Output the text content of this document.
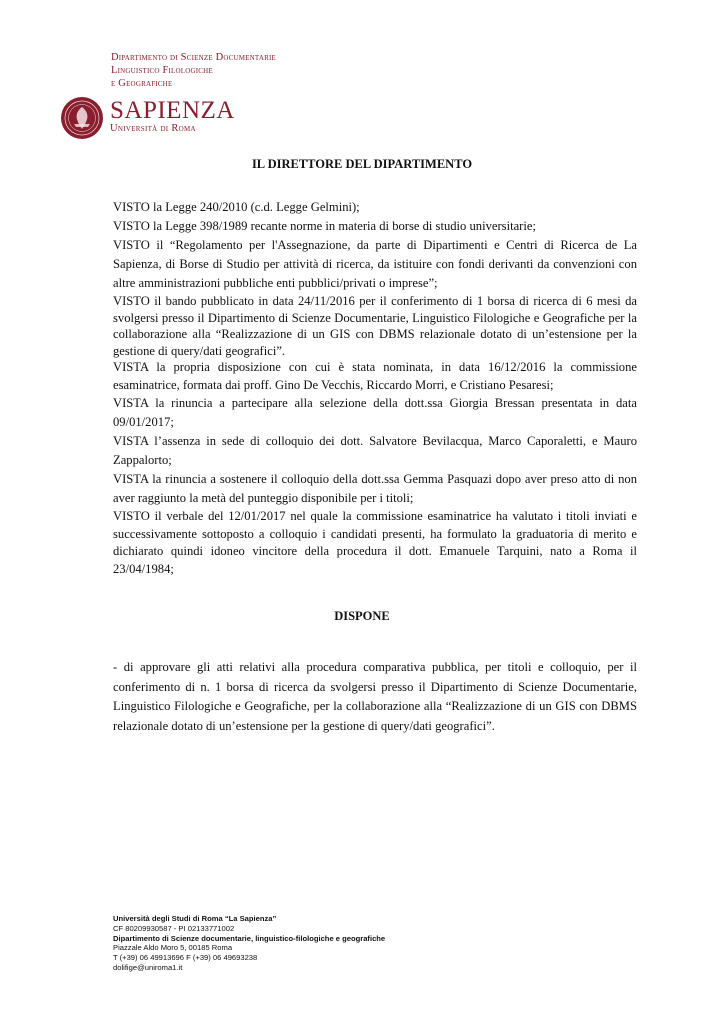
Dipartimento di Scienze Documentarie
Linguistico Filologiche
e Geografiche
SAPIENZA
Università di Roma
IL DIRETTORE DEL DIPARTIMENTO

VISTO la Legge 240/2010 (c.d. Legge Gelmini);

VISTO la Legge 398/1989 recante norme in materia di borse di studio universitarie;

VISTO il “Regolamento per l'Assegnazione, da parte di Dipartimenti e Centri di Ricerca de La Sapienza, di Borse di Studio per attività di ricerca, da istituire con fondi derivanti da convenzioni con altre amministrazioni pubbliche enti pubblici/privati o imprese”;

VISTO il bando pubblicato in data 24/11/2016 per il conferimento di 1 borsa di ricerca di 6 mesi da svolgersi presso il Dipartimento di Scienze Documentarie, Linguistico Filologiche e Geografiche per la collaborazione alla “Realizzazione di un GIS con DBMS relazionale dotato di un’estensione per la gestione di query/dati geografici”.

VISTA la propria disposizione con cui è stata nominata, in data 16/12/2016 la commissione esaminatrice, formata dai proff. Gino De Vecchis, Riccardo Morri, e Cristiano Pesaresi;

VISTA la rinuncia a partecipare alla selezione della dott.ssa Giorgia Bressan presentata in data 09/01/2017;

VISTA l’assenza in sede di colloquio dei dott. Salvatore Bevilacqua, Marco Caporaletti, e Mauro Zappalorto;

VISTA la rinuncia a sostenere il colloquio della dott.ssa Gemma Pasquazi dopo aver preso atto di non aver raggiunto la metà del punteggio disponibile per i titoli;

VISTO il verbale del 12/01/2017 nel quale la commissione esaminatrice ha valutato i titoli inviati e successivamente sottoposto a colloquio i candidati presenti, ha formulato la graduatoria di merito e dichiarato quindi idoneo vincitore della procedura il dott. Emanuele Tarquini, nato a Roma il 23/04/1984;

DISPONE
- di approvare gli atti relativi alla procedura comparativa pubblica, per titoli e colloquio, per il conferimento di n. 1 borsa di ricerca da svolgersi presso il Dipartimento di Scienze Documentarie, Linguistico Filologiche e Geografiche, per la collaborazione alla “Realizzazione di un GIS con DBMS relazionale dotato di un’estensione per la gestione di query/dati geografici”.
Università degli Studi di Roma “La Sapienza”
CF 80209930587 - PI 02133771002
Dipartimento di Scienze documentarie, linguistico-filologiche e geografiche
Piazzale Aldo Moro 5, 00185 Roma
T (+39) 06 49913696 F (+39) 06 49693238
dolifige@uniroma1.it
